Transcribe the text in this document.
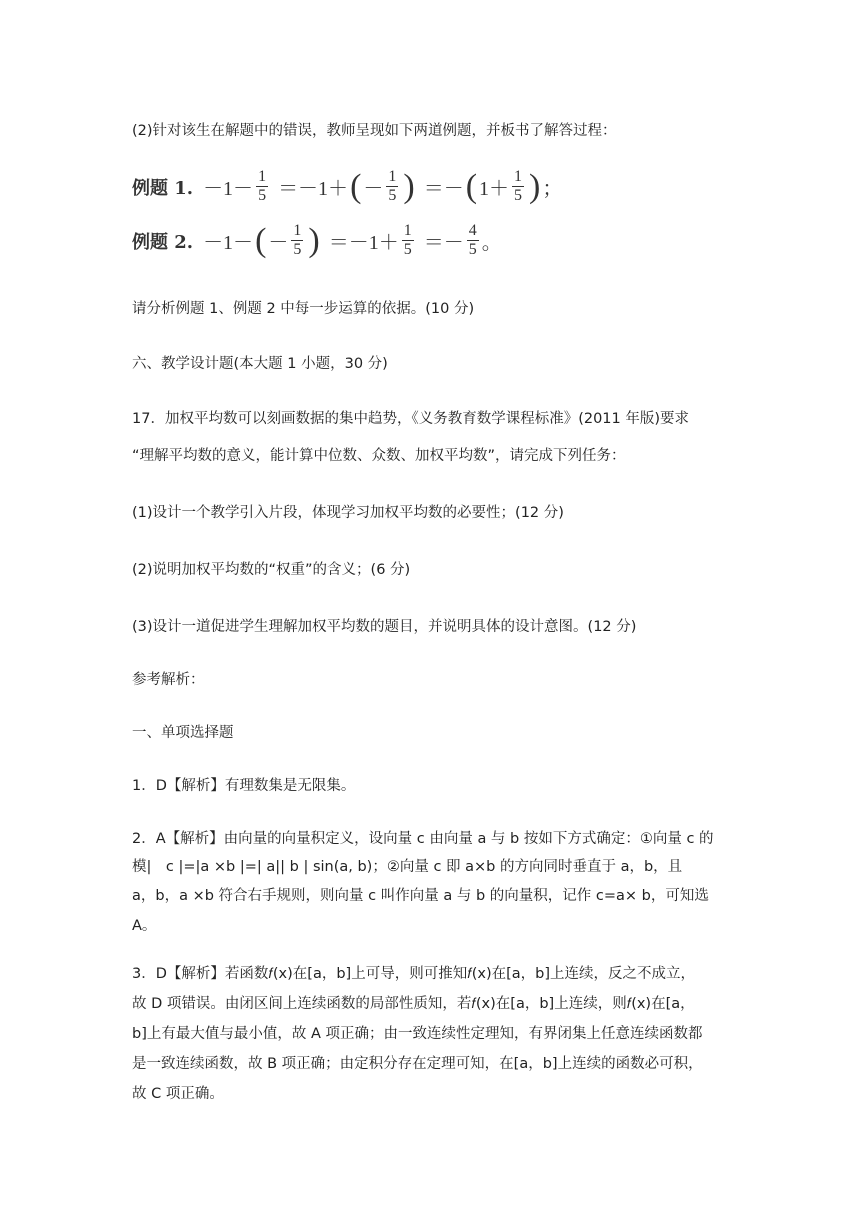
(2)针对该生在解题中的错误，教师呈现如下两道例题，并板书了解答过程：
例题 1. $-1- \frac{1}{5} =-1+$ ( － $\frac{1}{5}$ ) ＝－ ( $1+ \frac{1}{5}$ ) ；
例题 2. －1－ ( － $\frac{1}{5}$ ) $=-1+ \frac{1}{5} =- \frac{4}{5}$ 。
请分析例题 1、例题 2 中每一步运算的依据。(10 分)
六、教学设计题(本大题 1 小题，30 分)
17．加权平均数可以刻画数据的集中趋势，《义务教育数学课程标准》(2011 年版)要求
“理解平均数的意义，能计算中位数、众数、加权平均数”，请完成下列任务：
(1)设计一个教学引入片段，体现学习加权平均数的必要性；(12 分)
(2)说明加权平均数的“权重”的含义；(6 分)
(3)设计一道促进学生理解加权平均数的题目，并说明具体的设计意图。(12 分)
参考解析：
一、单项选择题
1．D【解析】有理数集是无限集。
2．A【解析】由向量的向量积定义，设向量 c 由向量 a 与 b 按如下方式确定：①向量 c 的
模|　c |=|a ×b |=| a|| b | sin(a, b)；②向量 c 即 a×b 的方向同时垂直于 a，b，且
a，b，a ×b 符合右手规则，则向量 c 叫作向量 a 与 b 的向量积，记作 c=a× b，可知选
A。
3．D【解析】若函数𝑓(x)在[a，b]上可导，则可推知𝑓(x)在[a，b]上连续，反之不成立，
故 D 项错误。由闭区间上连续函数的局部性质知，若𝑓(x)在[a，b]上连续，则𝑓(x)在[a，
b]上有最大值与最小值，故 A 项正确；由一致连续性定理知，有界闭集上任意连续函数都
是一致连续函数，故 B 项正确；由定积分存在定理可知，在[a，b]上连续的函数必可积，
故 C 项正确。
